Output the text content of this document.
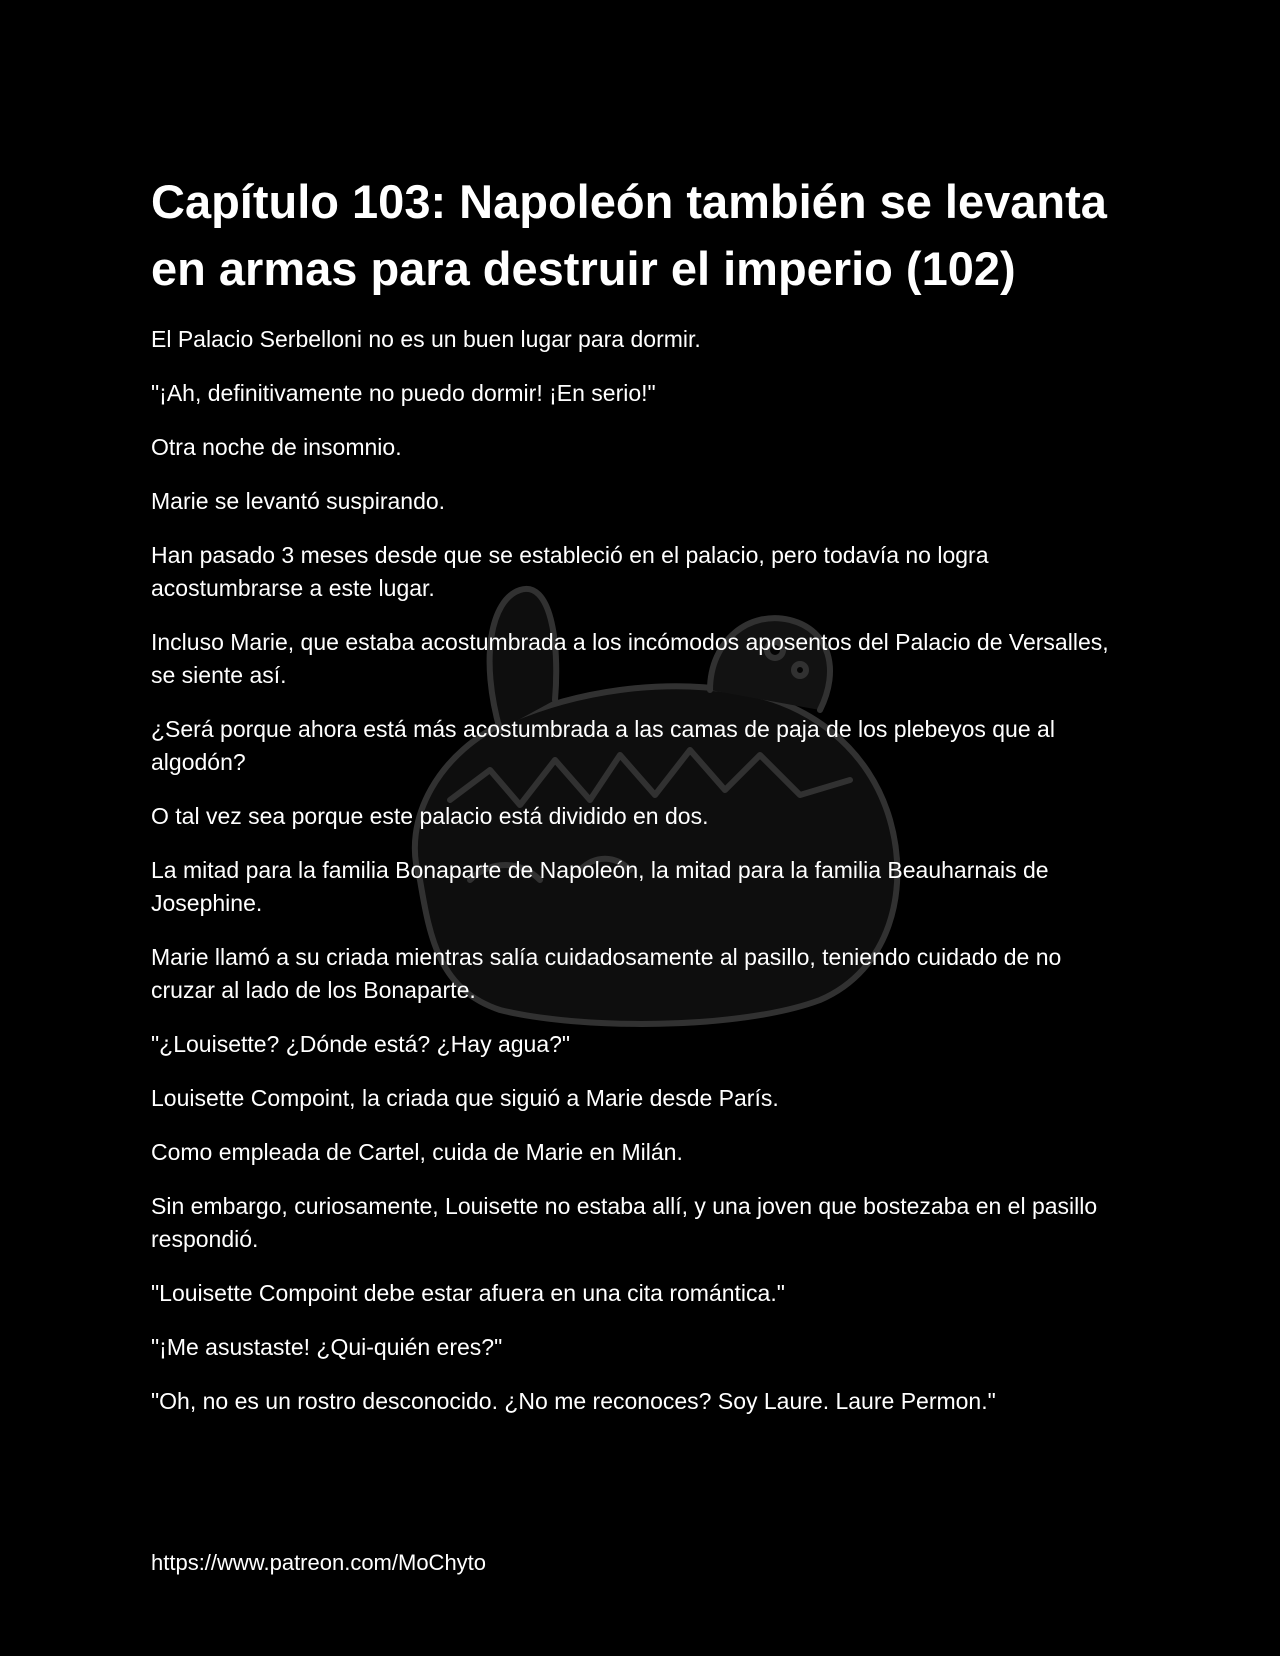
Capítulo 103: Napoleón también se levanta en armas para destruir el imperio (102)

El Palacio Serbelloni no es un buen lugar para dormir.

"¡Ah, definitivamente no puedo dormir! ¡En serio!"

Otra noche de insomnio.

Marie se levantó suspirando.

Han pasado 3 meses desde que se estableció en el palacio, pero todavía no logra acostumbrarse a este lugar.

Incluso Marie, que estaba acostumbrada a los incómodos aposentos del Palacio de Versalles, se siente así.

¿Será porque ahora está más acostumbrada a las camas de paja de los plebeyos que al algodón?

O tal vez sea porque este palacio está dividido en dos.

La mitad para la familia Bonaparte de Napoleón, la mitad para la familia Beauharnais de Josephine.

Marie llamó a su criada mientras salía cuidadosamente al pasillo, teniendo cuidado de no cruzar al lado de los Bonaparte.

"¿Louisette? ¿Dónde está? ¿Hay agua?"

Louisette Compoint, la criada que siguió a Marie desde París.

Como empleada de Cartel, cuida de Marie en Milán.

Sin embargo, curiosamente, Louisette no estaba allí, y una joven que bostezaba en el pasillo respondió.

"Louisette Compoint debe estar afuera en una cita romántica."

"¡Me asustaste! ¿Qui-quién eres?"

"Oh, no es un rostro desconocido. ¿No me reconoces? Soy Laure. Laure Permon."

https://www.patreon.com/MoChyto
